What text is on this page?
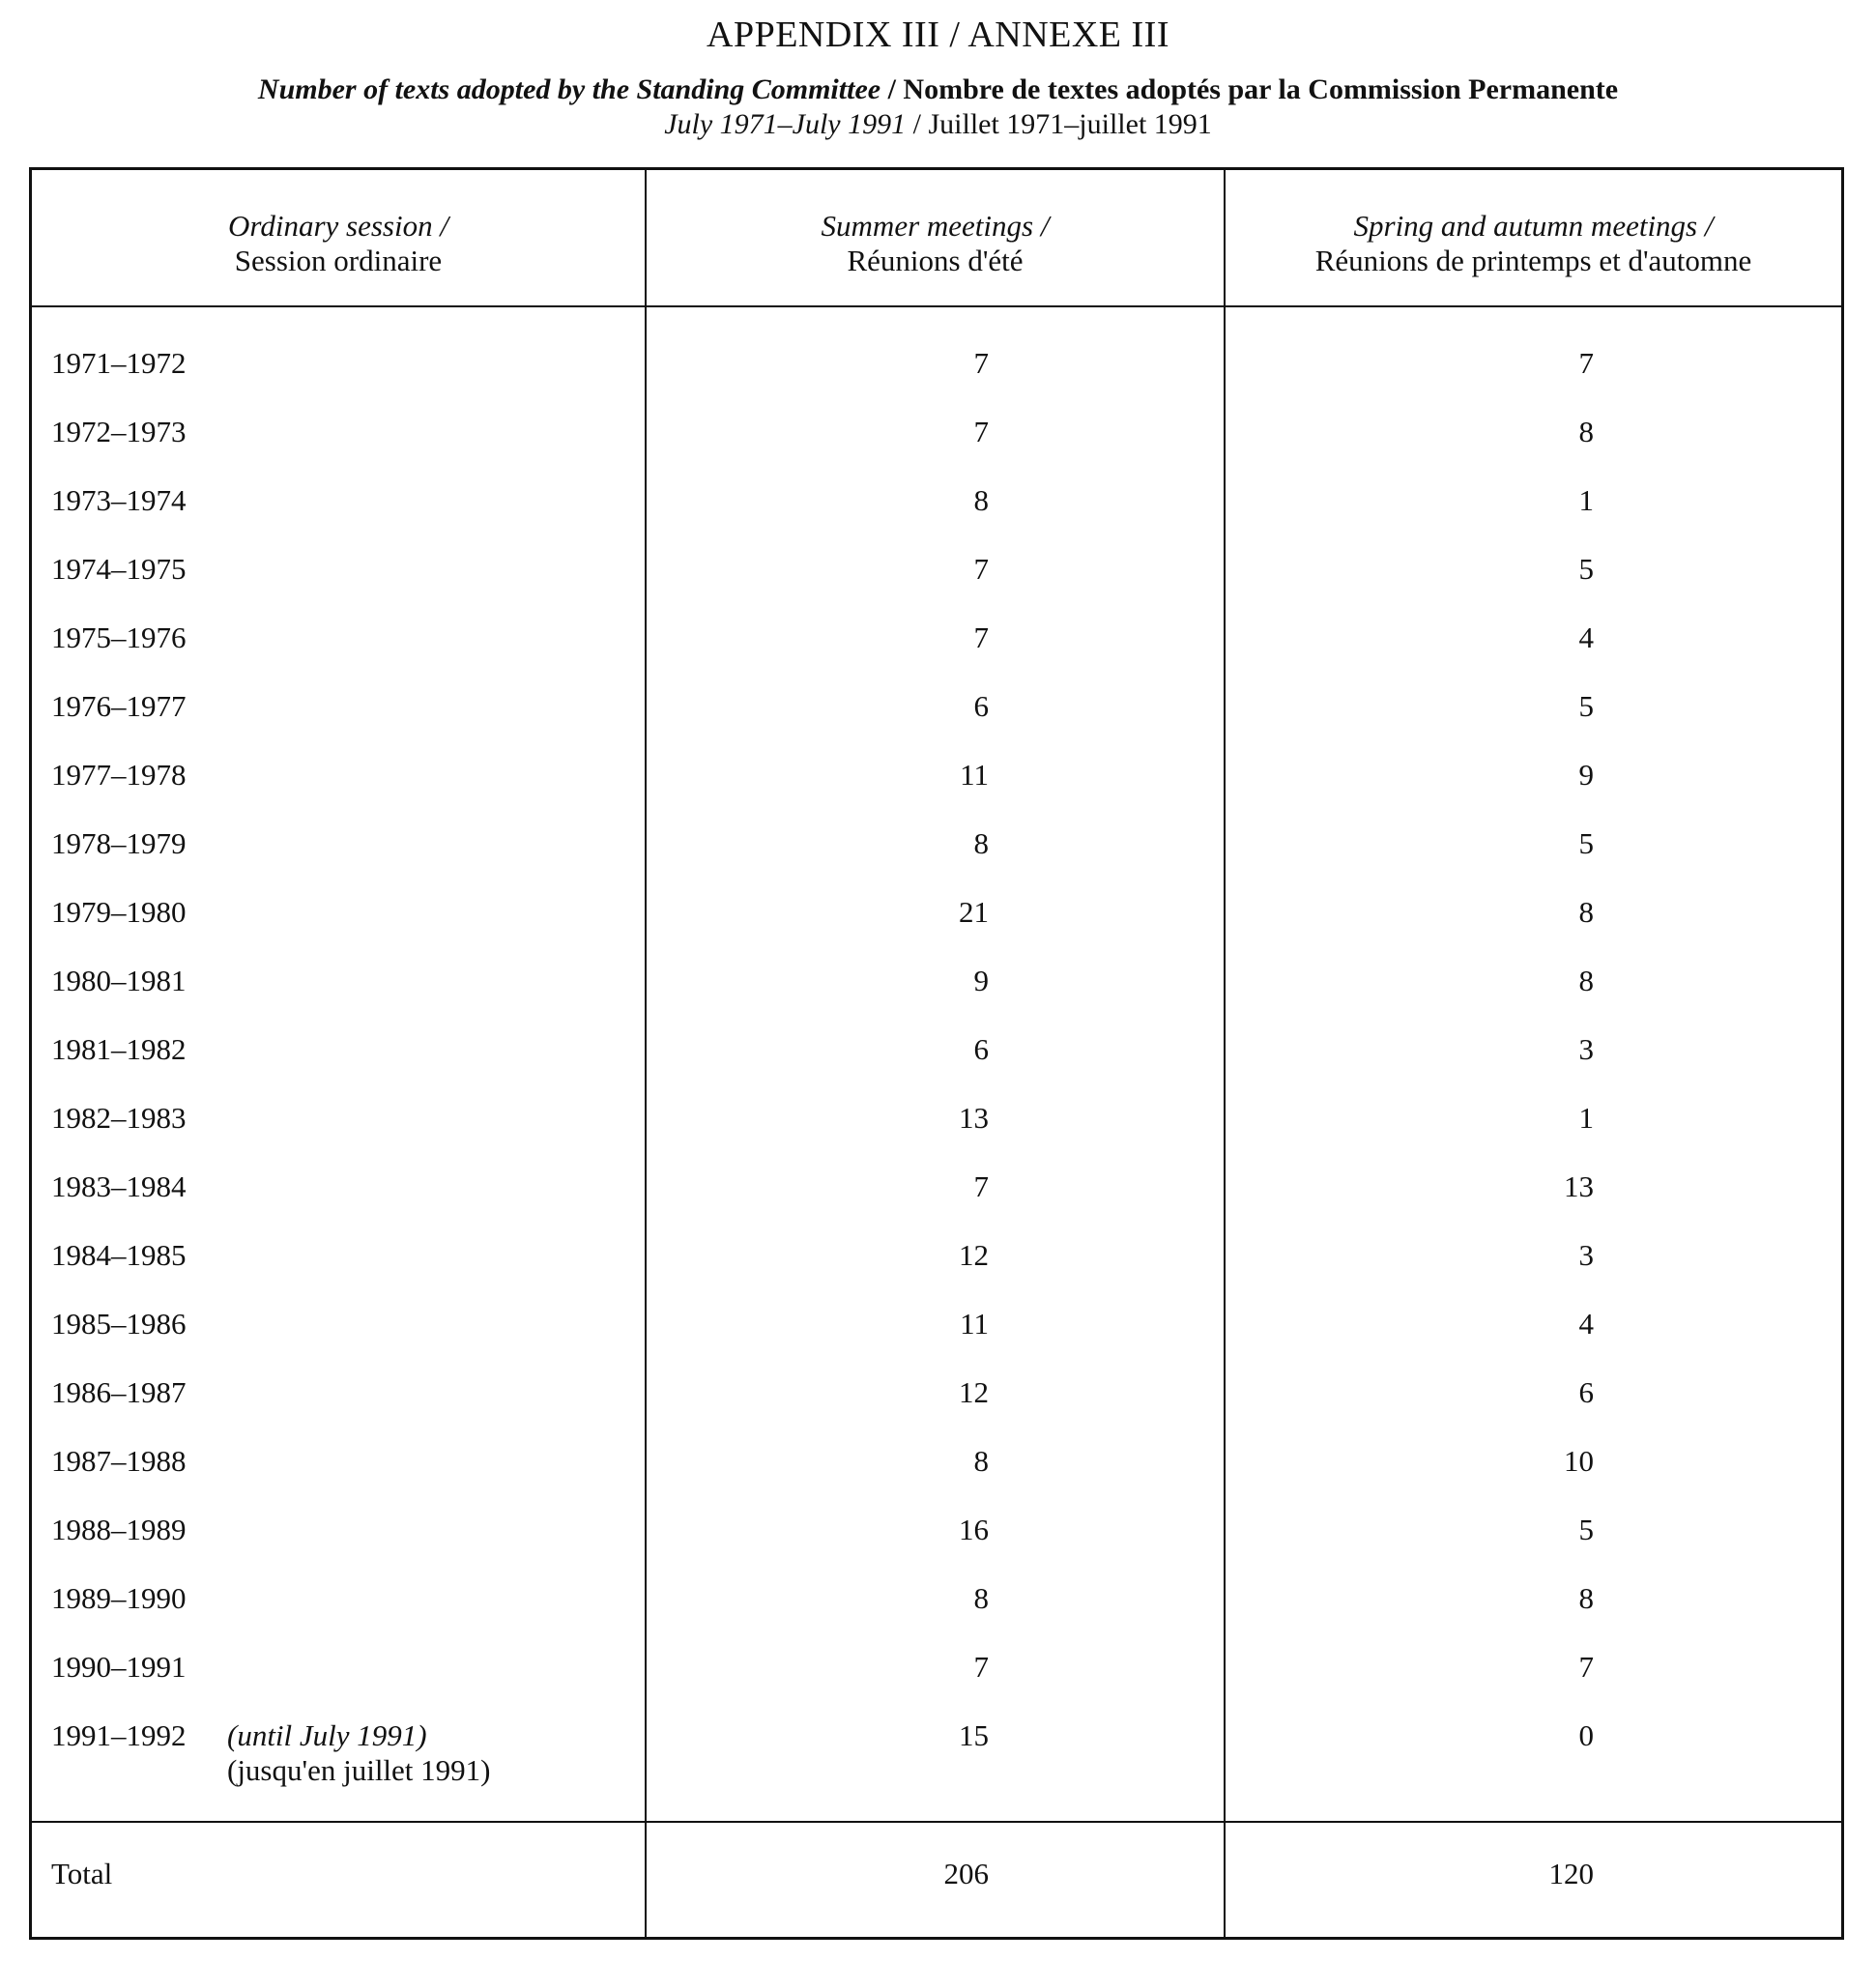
APPENDIX III / ANNEXE III
Number of texts adopted by the Standing Committee / Nombre de textes adoptés par la Commission Permanente
July 1971–July 1991 / Juillet 1971–juillet 1991
Ordinary session /
Session ordinaire
Summer meetings /
Réunions d'été
Spring and autumn meetings /
Réunions de printemps et d'automne
1971–1972	7	7
1972–1973	7	8
1973–1974	8	1
1974–1975	7	5
1975–1976	7	4
1976–1977	6	5
1977–1978	11	9
1978–1979	8	5
1979–1980	21	8
1980–1981	9	8
1981–1982	6	3
1982–1983	13	1
1983–1984	7	13
1984–1985	12	3
1985–1986	11	4
1986–1987	12	6
1987–1988	8	10
1988–1989	16	5
1989–1990	8	8
1990–1991	7	7
1991–1992 (until July 1991)
(jusqu'en juillet 1991)
15	0
Total	206	120
